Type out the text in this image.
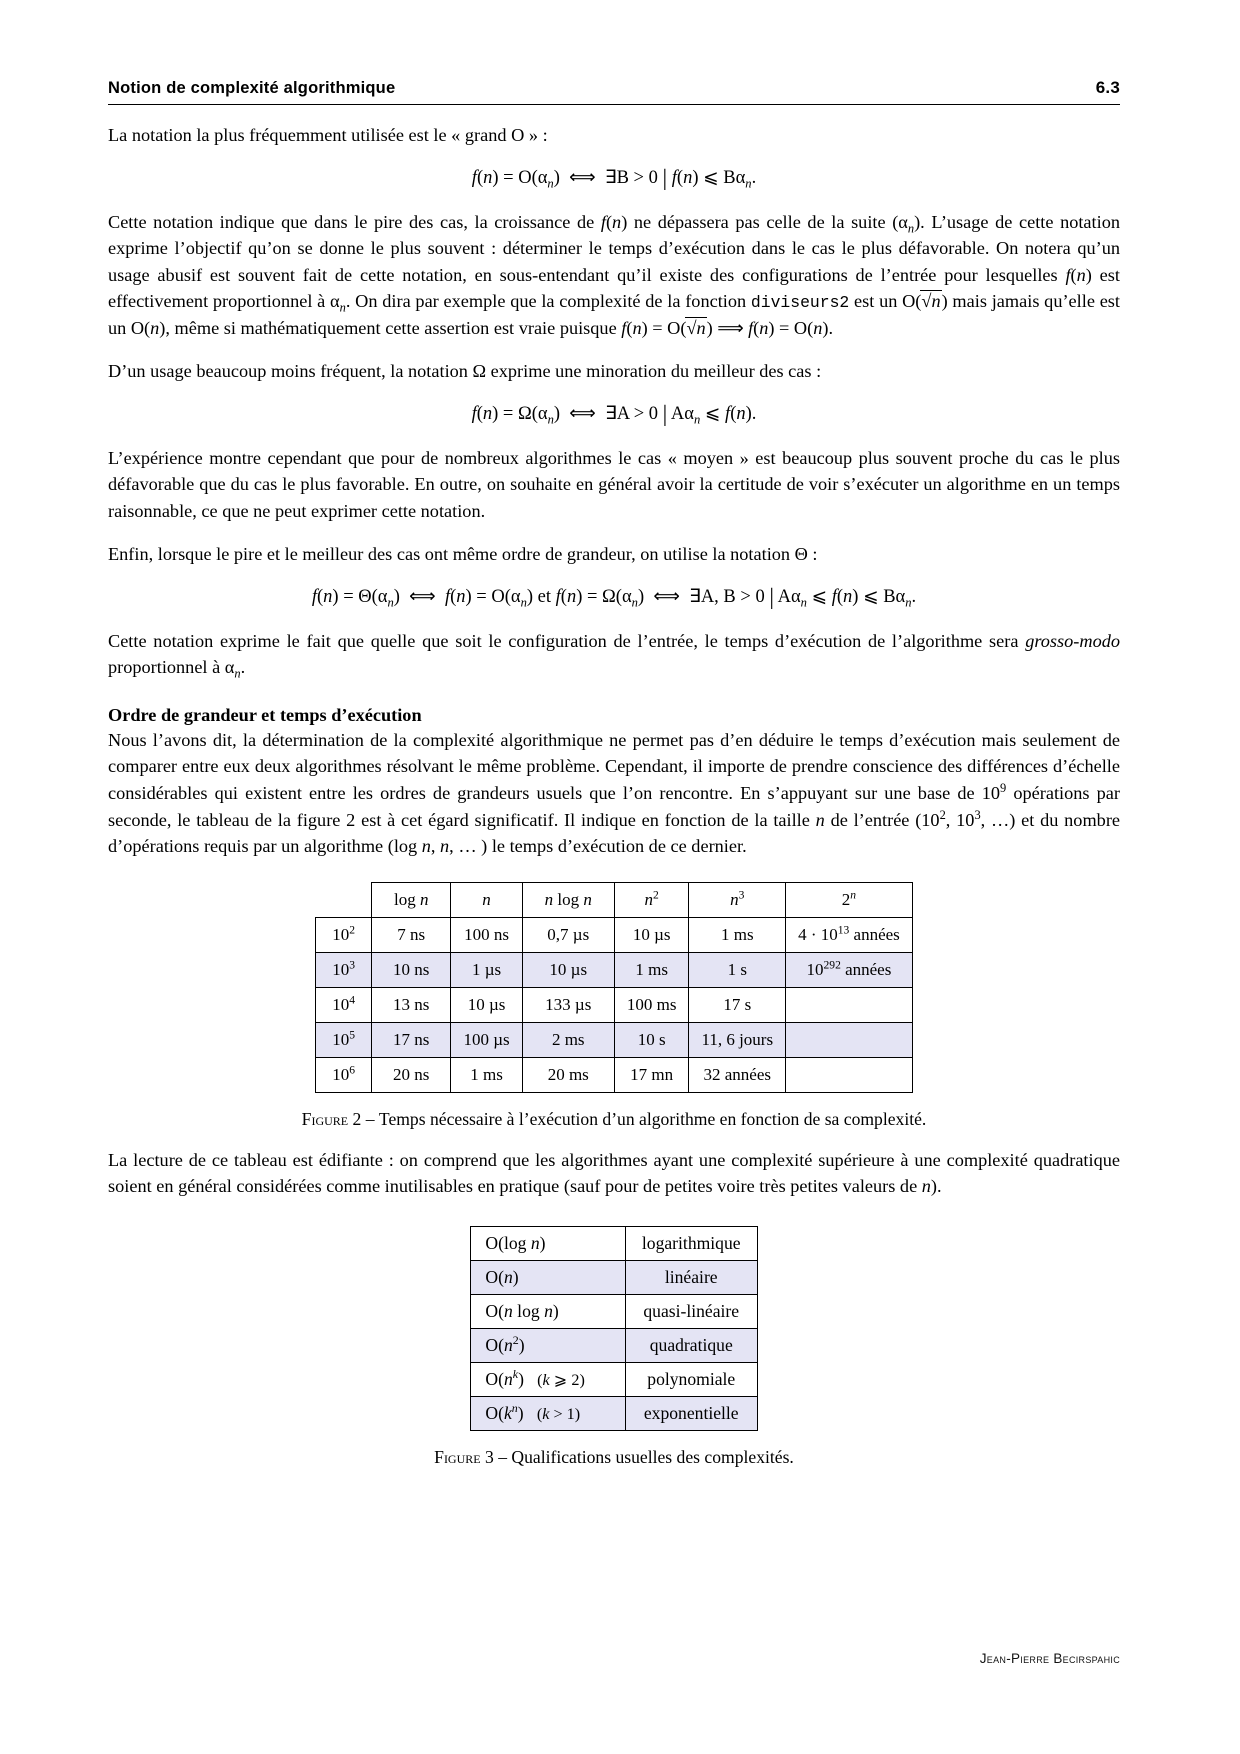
Notion de complexité algorithmique	6.3

La notation la plus fréquemment utilisée est le « grand O » :

$f(n) = O(\alpha_n)$  ⟺  ∃B > 0 | f(n) ⩽ $B\alpha_n$.

Cette notation indique que dans le pire des cas, la croissance de f(n) ne dépassera pas celle de la suite $(\alpha_n)$. L’usage de cette notation exprime l’objectif qu’on se donne le plus souvent : déterminer le temps d’exécution dans le cas le plus défavorable. On notera qu’un usage abusif est souvent fait de cette notation, en sous-entendant qu’il existe des configurations de l’entrée pour lesquelles f(n) est effectivement proportionnel à $\alpha_n$. On dira par exemple que la complexité de la fonction diviseurs2 est un O(√n) mais jamais qu’elle est un O(n), même si mathématiquement cette assertion est vraie puisque f(n) = O(√n) ⟹ f(n) = O(n).

D’un usage beaucoup moins fréquent, la notation Ω exprime une minoration du meilleur des cas :

$f(n) = \Omega(\alpha_n)$  ⟺  ∃A > 0 | $A\alpha_n$ ⩽ f(n).

L’expérience montre cependant que pour de nombreux algorithmes le cas « moyen » est beaucoup plus souvent proche du cas le plus défavorable que du cas le plus favorable. En outre, on souhaite en général avoir la certitude de voir s’exécuter un algorithme en un temps raisonnable, ce que ne peut exprimer cette notation.

Enfin, lorsque le pire et le meilleur des cas ont même ordre de grandeur, on utilise la notation Θ :

$f(n) = \Theta(\alpha_n)$  ⟺  $f(n) = O(\alpha_n)$ et $f(n) = \Omega(\alpha_n)$  ⟺  ∃A, B > 0 | $A\alpha_n$ ⩽ f(n) ⩽ $B\alpha_n$.

Cette notation exprime le fait que quelle que soit le configuration de l’entrée, le temps d’exécution de l’algorithme sera grosso-modo proportionnel à $\alpha_n$.

Ordre de grandeur et temps d’exécution

Nous l’avons dit, la détermination de la complexité algorithmique ne permet pas d’en déduire le temps d’exécution mais seulement de comparer entre eux deux algorithmes résolvant le même problème. Cependant, il importe de prendre conscience des différences d’échelle considérables qui existent entre les ordres de grandeurs usuels que l’on rencontre. En s’appuyant sur une base de $10^9$ opérations par seconde, le tableau de la figure 2 est à cet égard significatif. Il indique en fonction de la taille n de l’entrée ($10^2$, $10^3$, …) et du nombre d’opérations requis par un algorithme (log n, n, … ) le temps d’exécution de ce dernier.

	log n	n	n log n	$n^2$	$n^3$	2$^n$
$10^2$	7 ns	100 ns	0,7 µs	10 µs	1 ms	$4 \cdot 10^{13}$ années
$10^3$	10 ns	1 µs	10 µs	1 ms	1 s	$10^{292}$ années
$10^4$	13 ns	10 µs	133 µs	100 ms	17 s	
$10^5$	17 ns	100 µs	2 ms	10 s	11, 6 jours	
$10^6$	20 ns	1 ms	20 ms	17 mn	32 années	
Figure 2 – Temps nécessaire à l’exécution d’un algorithme en fonction de sa complexité.

La lecture de ce tableau est édifiante : on comprend que les algorithmes ayant une complexité supérieure à une complexité quadratique soient en général considérées comme inutilisables en pratique (sauf pour de petites voire très petites valeurs de n).

O(log n)	logarithmique
O(n)	linéaire
O(n log n)	quasi-linéaire
$O(n^2)$	quadratique
$O(n^k)$   (k ⩾ 2)	polynomiale
$O(k^n) (k > 1)$	exponentielle
Figure 3 – Qualifications usuelles des complexités.
Jean-Pierre Becirspahic
